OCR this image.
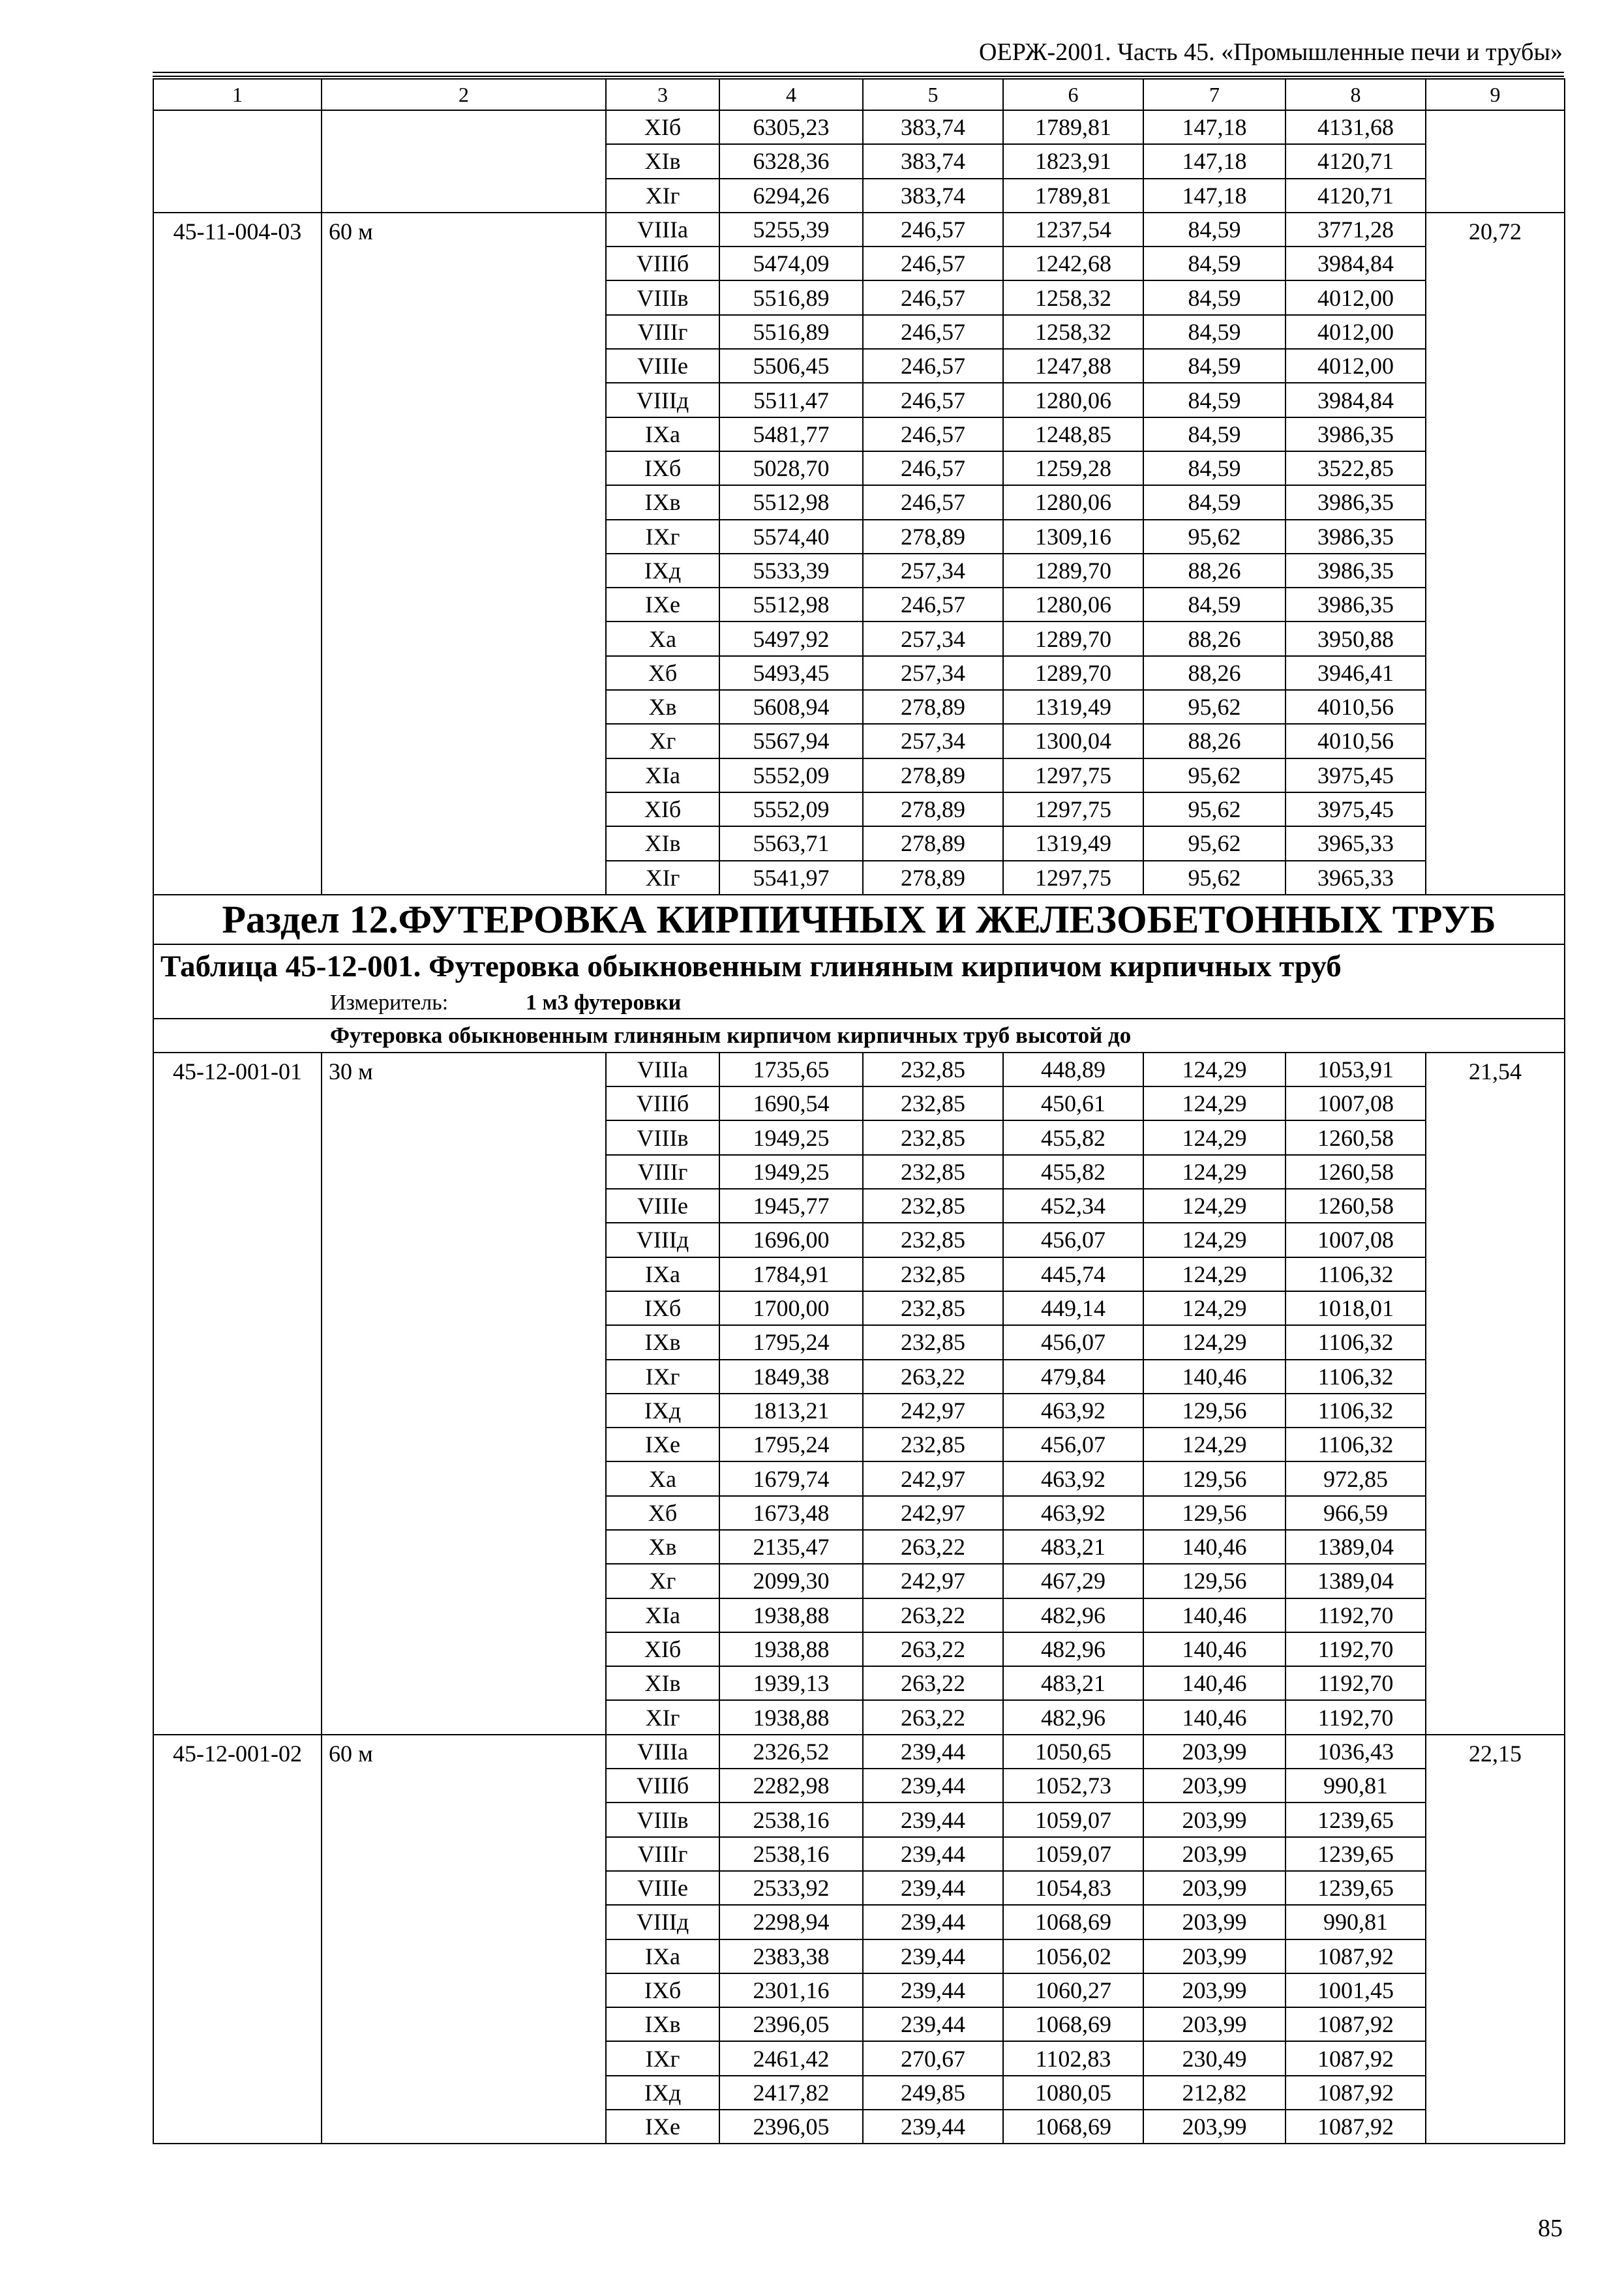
ОЕРЖ-2001. Часть 45. «Промышленные печи и трубы»
1	2	3	4	5	6	7	8	9
		XIб	6305,23	383,74	1789,81	147,18	4131,68	
		XIв	6328,36	383,74	1823,91	147,18	4120,71	
		XIг	6294,26	383,74	1789,81	147,18	4120,71	
45-11-004-03	60 м	VIIIа	5255,39	246,57	1237,54	84,59	3771,28	20,72
		VIIIб	5474,09	246,57	1242,68	84,59	3984,84	
		VIIIв	5516,89	246,57	1258,32	84,59	4012,00	
		VIIIг	5516,89	246,57	1258,32	84,59	4012,00	
		VIIIе	5506,45	246,57	1247,88	84,59	4012,00	
		VIIIд	5511,47	246,57	1280,06	84,59	3984,84	
		IXа	5481,77	246,57	1248,85	84,59	3986,35	
		IXб	5028,70	246,57	1259,28	84,59	3522,85	
		IXв	5512,98	246,57	1280,06	84,59	3986,35	
		IXг	5574,40	278,89	1309,16	95,62	3986,35	
		IXд	5533,39	257,34	1289,70	88,26	3986,35	
		IXе	5512,98	246,57	1280,06	84,59	3986,35	
		Xа	5497,92	257,34	1289,70	88,26	3950,88	
		Xб	5493,45	257,34	1289,70	88,26	3946,41	
		Xв	5608,94	278,89	1319,49	95,62	4010,56	
		Xг	5567,94	257,34	1300,04	88,26	4010,56	
		XIа	5552,09	278,89	1297,75	95,62	3975,45	
		XIб	5552,09	278,89	1297,75	95,62	3975,45	
		XIв	5563,71	278,89	1319,49	95,62	3965,33	
		XIг	5541,97	278,89	1297,75	95,62	3965,33	
Раздел 12.ФУТЕРОВКА КИРПИЧНЫХ И ЖЕЛЕЗОБЕТОННЫХ ТРУБ								
Таблица 45-12-001. Футеровка обыкновенным глиняным кирпичом кирпичных труб								
Измеритель: 1 м3 футеровки								
Футеровка обыкновенным глиняным кирпичом кирпичных труб высотой до								
45-12-001-01	30 м	VIIIа	1735,65	232,85	448,89	124,29	1053,91	21,54
		VIIIб	1690,54	232,85	450,61	124,29	1007,08	
		VIIIв	1949,25	232,85	455,82	124,29	1260,58	
		VIIIг	1949,25	232,85	455,82	124,29	1260,58	
		VIIIе	1945,77	232,85	452,34	124,29	1260,58	
		VIIIд	1696,00	232,85	456,07	124,29	1007,08	
		IXа	1784,91	232,85	445,74	124,29	1106,32	
		IXб	1700,00	232,85	449,14	124,29	1018,01	
		IXв	1795,24	232,85	456,07	124,29	1106,32	
		IXг	1849,38	263,22	479,84	140,46	1106,32	
		IXд	1813,21	242,97	463,92	129,56	1106,32	
		IXе	1795,24	232,85	456,07	124,29	1106,32	
		Xа	1679,74	242,97	463,92	129,56	972,85	
		Xб	1673,48	242,97	463,92	129,56	966,59	
		Xв	2135,47	263,22	483,21	140,46	1389,04	
		Xг	2099,30	242,97	467,29	129,56	1389,04	
		XIа	1938,88	263,22	482,96	140,46	1192,70	
		XIб	1938,88	263,22	482,96	140,46	1192,70	
		XIв	1939,13	263,22	483,21	140,46	1192,70	
		XIг	1938,88	263,22	482,96	140,46	1192,70	
45-12-001-02	60 м	VIIIа	2326,52	239,44	1050,65	203,99	1036,43	22,15
		VIIIб	2282,98	239,44	1052,73	203,99	990,81	
		VIIIв	2538,16	239,44	1059,07	203,99	1239,65	
		VIIIг	2538,16	239,44	1059,07	203,99	1239,65	
		VIIIе	2533,92	239,44	1054,83	203,99	1239,65	
		VIIIд	2298,94	239,44	1068,69	203,99	990,81	
		IXа	2383,38	239,44	1056,02	203,99	1087,92	
		IXб	2301,16	239,44	1060,27	203,99	1001,45	
		IXв	2396,05	239,44	1068,69	203,99	1087,92	
		IXг	2461,42	270,67	1102,83	230,49	1087,92	
		IXд	2417,82	249,85	1080,05	212,82	1087,92	
		IXе	2396,05	239,44	1068,69	203,99	1087,92	
85
